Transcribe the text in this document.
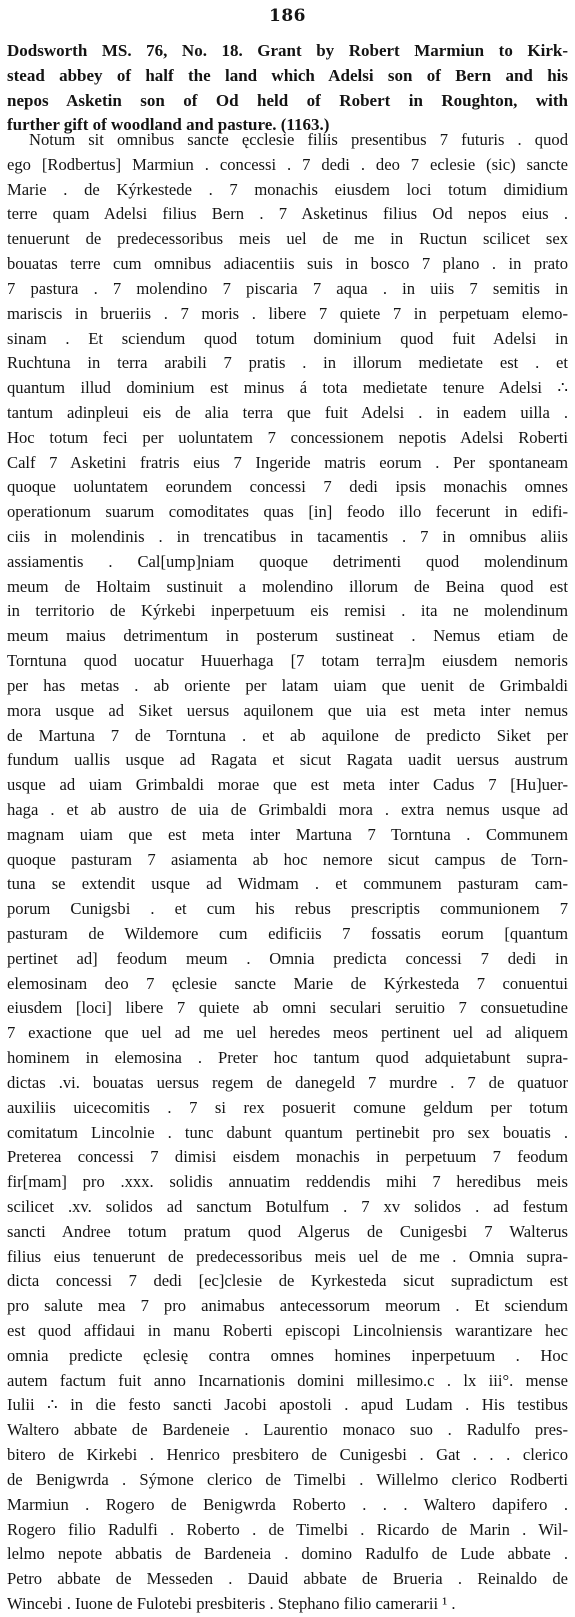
186
Dodsworth MS. 76, No. 18. Grant by Robert Marmiun to Kirk-
stead abbey of half the land which Adelsi son of Bern and his
nepos Asketin son of Od held of Robert in Roughton, with
further gift of woodland and pasture. (1163.)
Notum sit omnibus sancte ęcclesie filiis presentibus 7 futuris . quod
ego [Rodbertus] Marmiun . concessi . 7 dedi . deo 7 eclesie (sic) sancte
Marie . de Kýrkestede . 7 monachis eiusdem loci totum dimidium
terre quam Adelsi filius Bern . 7 Asketinus filius Od nepos eius .
tenuerunt de predecessoribus meis uel de me in Ructun scilicet sex
bouatas terre cum omnibus adiacentiis suis in bosco 7 plano . in prato
7 pastura . 7 molendino 7 piscaria 7 aqua . in uiis 7 semitis in
mariscis in brueriis . 7 moris . libere 7 quiete 7 in perpetuam elemo-
sinam . Et sciendum quod totum dominium quod fuit Adelsi in
Ruchtuna in terra arabili 7 pratis . in illorum medietate est . et
quantum illud dominium est minus á tota medietate tenure Adelsi ∴
tantum adinpleui eis de alia terra que fuit Adelsi . in eadem uilla .
Hoc totum feci per uoluntatem 7 concessionem nepotis Adelsi Roberti
Calf 7 Asketini fratris eius 7 Ingeride matris eorum . Per spontaneam
quoque uoluntatem eorundem concessi 7 dedi ipsis monachis omnes
operationum suarum comoditates quas [in] feodo illo fecerunt in edifi-
ciis in molendinis . in trencatibus in tacamentis . 7 in omnibus aliis
assiamentis . Cal[ump]niam quoque detrimenti quod molendinum
meum de Holtaim sustinuit a molendino illorum de Beina quod est
in territorio de Kýrkebi inperpetuum eis remisi . ita ne molendinum
meum maius detrimentum in posterum sustineat . Nemus etiam de
Torntuna quod uocatur Huuerhaga [7 totam terra]m eiusdem nemoris
per has metas . ab oriente per latam uiam que uenit de Grimbaldi
mora usque ad Siket uersus aquilonem que uia est meta inter nemus
de Martuna 7 de Torntuna . et ab aquilone de predicto Siket per
fundum uallis usque ad Ragata et sicut Ragata uadit uersus austrum
usque ad uiam Grimbaldi morae que est meta inter Cadus 7 [Hu]uer-
haga . et ab austro de uia de Grimbaldi mora . extra nemus usque ad
magnam uiam que est meta inter Martuna 7 Torntuna . Communem
quoque pasturam 7 asiamenta ab hoc nemore sicut campus de Torn-
tuna se extendit usque ad Widmam . et communem pasturam cam-
porum Cunigsbi . et cum his rebus prescriptis communionem 7
pasturam de Wildemore cum edificiis 7 fossatis eorum [quantum
pertinet ad] feodum meum . Omnia predicta concessi 7 dedi in
elemosinam deo 7 ęclesie sancte Marie de Kýrkesteda 7 conuentui
eiusdem [loci] libere 7 quiete ab omni seculari seruitio 7 consuetudine
7 exactione que uel ad me uel heredes meos pertinent uel ad aliquem
hominem in elemosina . Preter hoc tantum quod adquietabunt supra-
dictas .vi. bouatas uersus regem de danegeld 7 murdre . 7 de quatuor
auxiliis uicecomitis . 7 si rex posuerit comune geldum per totum
comitatum Lincolnie . tunc dabunt quantum pertinebit pro sex bouatis .
Preterea concessi 7 dimisi eisdem monachis in perpetuum 7 feodum
fir[mam] pro .xxx. solidis annuatim reddendis mihi 7 heredibus meis
scilicet .xv. solidos ad sanctum Botulfum . 7 xv solidos . ad festum
sancti Andree totum pratum quod Algerus de Cunigesbi 7 Walterus
filius eius tenuerunt de predecessoribus meis uel de me . Omnia supra-
dicta concessi 7 dedi [ec]clesie de Kyrkesteda sicut supradictum est
pro salute mea 7 pro animabus antecessorum meorum . Et sciendum
est quod affidaui in manu Roberti episcopi Lincolniensis warantizare hec
omnia predicte ęclesię contra omnes homines inperpetuum . Hoc
autem factum fuit anno Incarnationis domini millesimo.c . lx iii°. mense
Iulii ∴ in die festo sancti Jacobi apostoli . apud Ludam . His testibus
Waltero abbate de Bardeneie . Laurentio monaco suo . Radulfo pres-
bitero de Kirkebi . Henrico presbitero de Cunigesbi . Gat . . . clerico
de Benigwrda . Sýmone clerico de Timelbi . Willelmo clerico Rodberti
Marmiun . Rogero de Benigwrda Roberto . . . Waltero dapifero .
Rogero filio Radulfi . Roberto . de Timelbi . Ricardo de Marin . Wil-
lelmo nepote abbatis de Bardeneia . domino Radulfo de Lude abbate .
Petro abbate de Messeden . Dauid abbate de Brueria . Reinaldo de
Wincebi . Iuone de Fulotebi presbiteris . Stephano filio camerarii ¹ .
